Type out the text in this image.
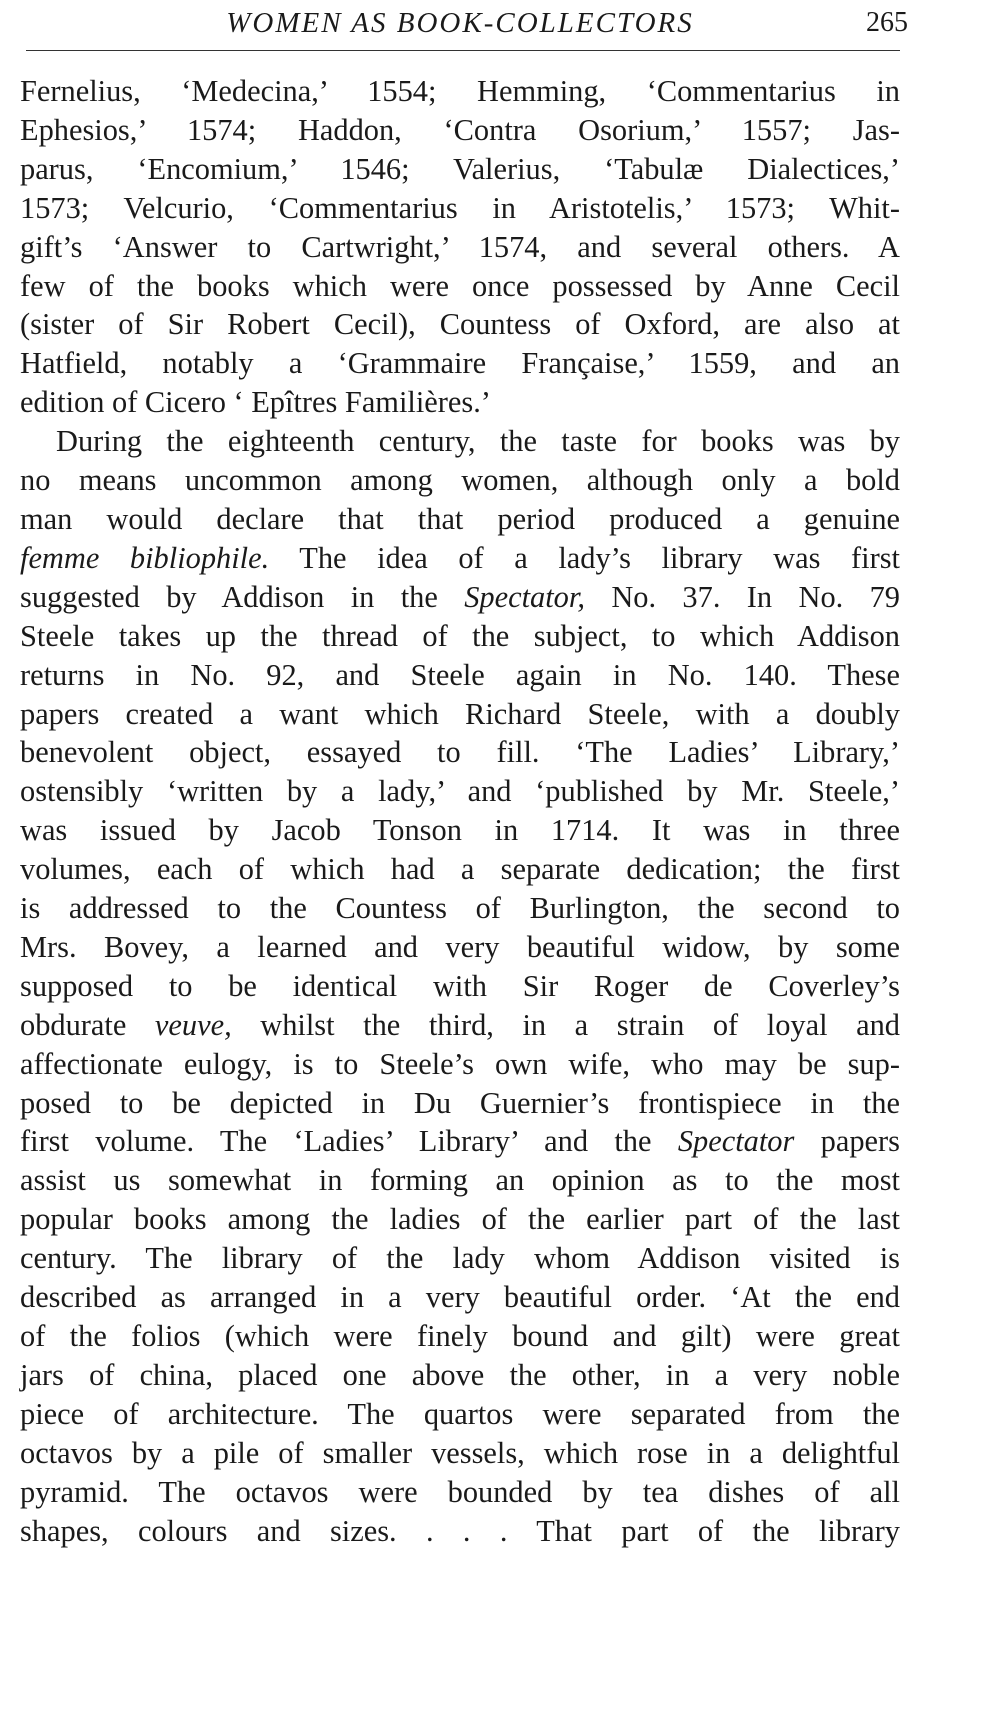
WOMEN AS BOOK-COLLECTORS	265
Fernelius, ‘Medecina,’ 1554; Hemming, ‘Commentarius in
Ephesios,’ 1574; Haddon, ‘Contra Osorium,’ 1557; Jas-
parus, ‘Encomium,’ 1546; Valerius, ‘Tabulæ Dialectices,’
1573; Velcurio, ‘Commentarius in Aristotelis,’ 1573; Whit-
gift’s ‘Answer to Cartwright,’ 1574, and several others. A
few of the books which were once possessed by Anne Cecil
(sister of Sir Robert Cecil), Countess of Oxford, are also at
Hatfield, notably a ‘Grammaire Française,’ 1559, and an
edition of Cicero ‘ Epîtres Familières.’
During the eighteenth century, the taste for books was by
no means uncommon among women, although only a bold
man would declare that that period produced a genuine
femme bibliophile. The idea of a lady’s library was first
suggested by Addison in the Spectator, No. 37. In No. 79
Steele takes up the thread of the subject, to which Addison
returns in No. 92, and Steele again in No. 140. These
papers created a want which Richard Steele, with a doubly
benevolent object, essayed to fill. ‘The Ladies’ Library,’
ostensibly ‘written by a lady,’ and ‘published by Mr. Steele,’
was issued by Jacob Tonson in 1714. It was in three
volumes, each of which had a separate dedication; the first
is addressed to the Countess of Burlington, the second to
Mrs. Bovey, a learned and very beautiful widow, by some
supposed to be identical with Sir Roger de Coverley’s
obdurate veuve, whilst the third, in a strain of loyal and
affectionate eulogy, is to Steele’s own wife, who may be sup-
posed to be depicted in Du Guernier’s frontispiece in the
first volume. The ‘Ladies’ Library’ and the Spectator papers
assist us somewhat in forming an opinion as to the most
popular books among the ladies of the earlier part of the last
century. The library of the lady whom Addison visited is
described as arranged in a very beautiful order. ‘At the end
of the folios (which were finely bound and gilt) were great
jars of china, placed one above the other, in a very noble
piece of architecture. The quartos were separated from the
octavos by a pile of smaller vessels, which rose in a delightful
pyramid. The octavos were bounded by tea dishes of all
shapes, colours and sizes. . . . That part of the library
